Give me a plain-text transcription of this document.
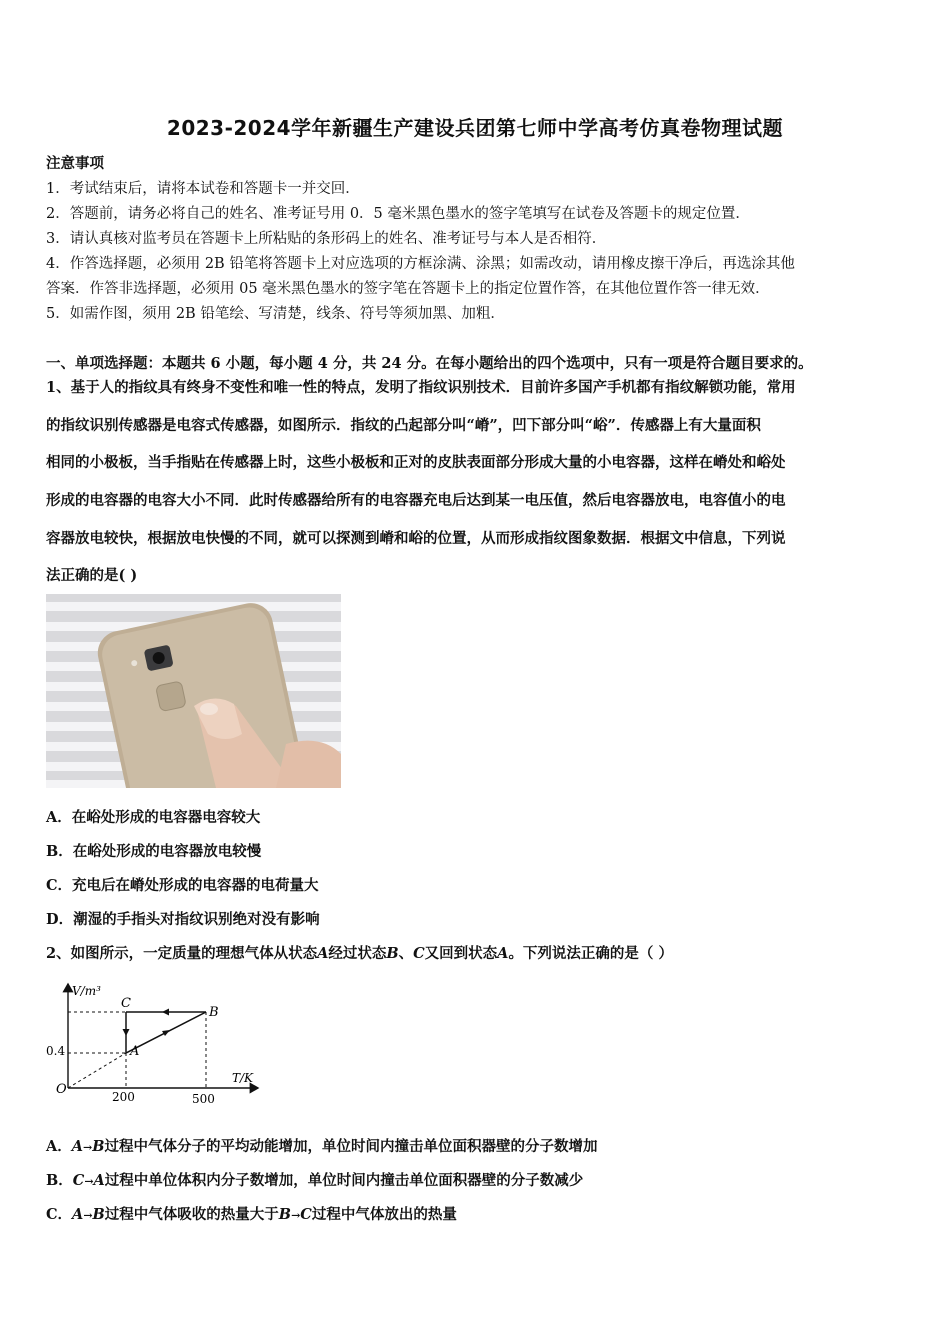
2023-2024学年新疆生产建设兵团第七师中学高考仿真卷物理试题
注意事项
1．考试结束后，请将本试卷和答题卡一并交回．
2．答题前，请务必将自己的姓名、准考证号用 0．5 毫米黑色墨水的签字笔填写在试卷及答题卡的规定位置．
3．请认真核对监考员在答题卡上所粘贴的条形码上的姓名、准考证号与本人是否相符．
4．作答选择题，必须用 2B 铅笔将答题卡上对应选项的方框涂满、涂黑；如需改动，请用橡皮擦干净后，再选涂其他
答案．作答非选择题，必须用 05 毫米黑色墨水的签字笔在答题卡上的指定位置作答，在其他位置作答一律无效．
5．如需作图，须用 2B 铅笔绘、写清楚，线条、符号等须加黑、加粗．
一、单项选择题：本题共 6 小题，每小题 4 分，共 24 分。在每小题给出的四个选项中，只有一项是符合题目要求的。
1、基于人的指纹具有终身不变性和唯一性的特点，发明了指纹识别技术．目前许多国产手机都有指纹解锁功能，常用
的指纹识别传感器是电容式传感器，如图所示．指纹的凸起部分叫“嵴”，凹下部分叫“峪”．传感器上有大量面积
相同的小极板，当手指贴在传感器上时，这些小极板和正对的皮肤表面部分形成大量的小电容器，这样在嵴处和峪处
形成的电容器的电容大小不同．此时传感器给所有的电容器充电后达到某一电压值，然后电容器放电，电容值小的电
容器放电较快，根据放电快慢的不同，就可以探测到嵴和峪的位置，从而形成指纹图象数据．根据文中信息，下列说
法正确的是( )
A．在峪处形成的电容器电容较大
B．在峪处形成的电容器放电较慢
C．充电后在嵴处形成的电容器的电荷量大
D．潮湿的手指头对指纹识别绝对没有影响
2、如图所示，一定质量的理想气体从状态A经过状态B、C又回到状态A。下列说法正确的是（ ）
V/m³
T/K
O
0.4
200	500
A
B
C
A．A→B过程中气体分子的平均动能增加，单位时间内撞击单位面积器壁的分子数增加
B．C→A过程中单位体积内分子数增加，单位时间内撞击单位面积器壁的分子数减少
C．A→B过程中气体吸收的热量大于B→C过程中气体放出的热量
